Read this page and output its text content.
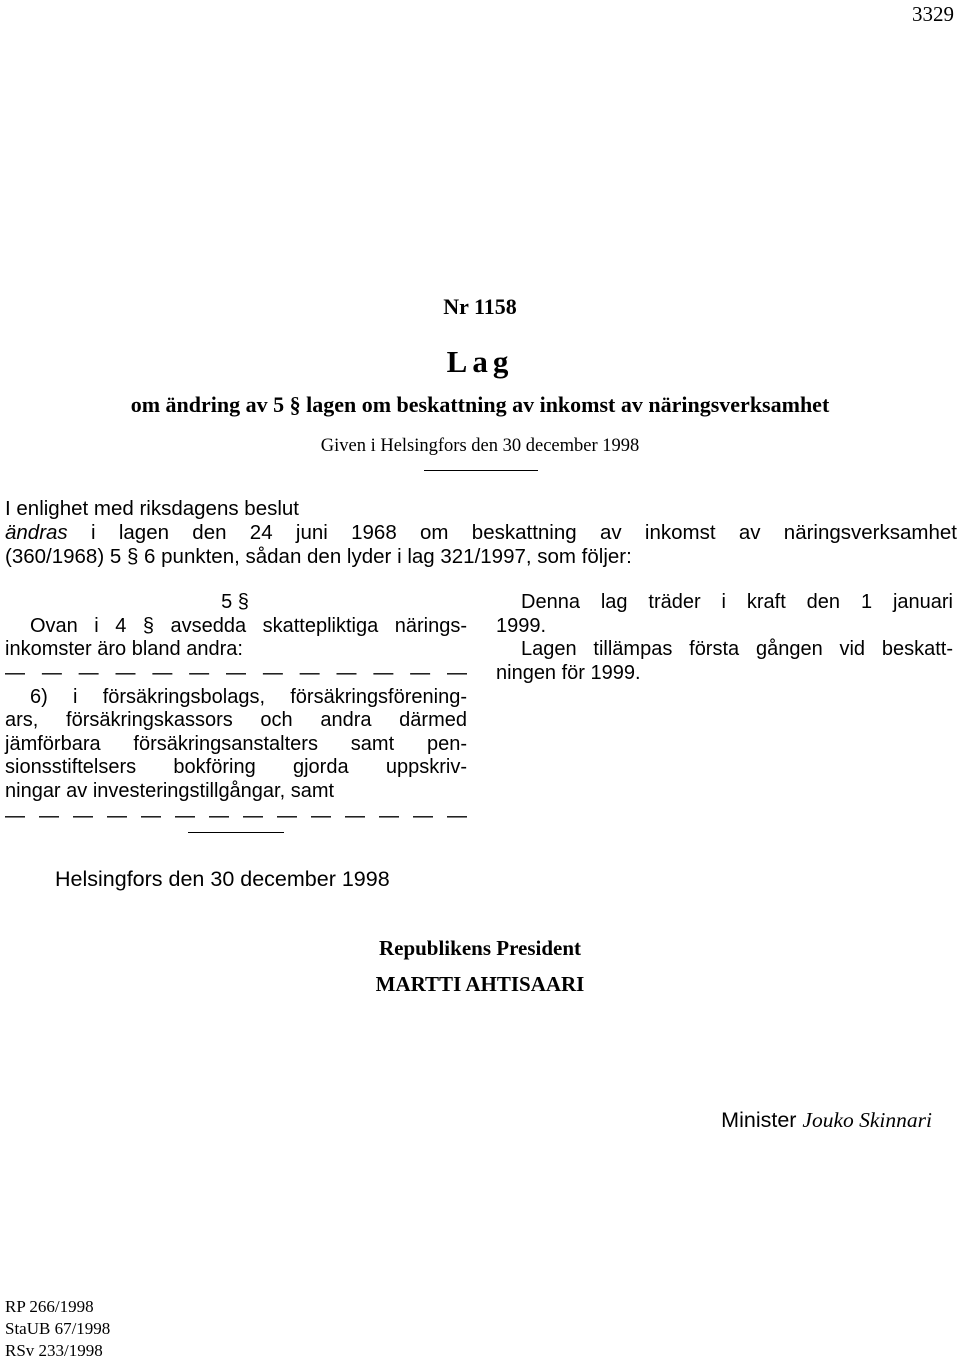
3329
Nr 1158
Lag
om ändring av 5 § lagen om beskattning av inkomst av näringsverksamhet
Given i Helsingfors den 30 december 1998
I enlighet med riksdagens beslut
ändras i lagen den 24 juni 1968 om beskattning av inkomst av näringsverksamhet
(360/1968) 5 § 6 punkten, sådan den lyder i lag 321/1997, som följer:
5 §
Ovan i 4 § avsedda skattepliktiga närings-
inkomster äro bland andra:
— — — — — — — — — — — — —
6) i försäkringsbolags, försäkringsförening-
ars, försäkringskassors och andra därmed
jämförbara försäkringsanstalters samt pen-
sionsstiftelsers bokföring gjorda uppskriv-
ningar av investeringstillgångar, samt
— — — — — — — — — — — — — —
Denna lag träder i kraft den 1 januari
1999.
Lagen tillämpas första gången vid beskatt-
ningen för 1999.
Helsingfors den 30 december 1998
Republikens President
MARTTI AHTISAARI
Minister Jouko Skinnari
RP 266/1998
StaUB 67/1998
RSv 233/1998
